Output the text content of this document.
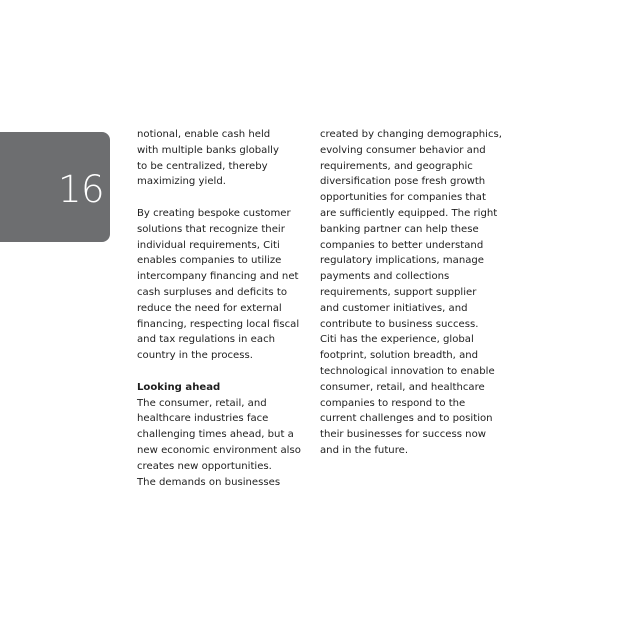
16

notional, enable cash held
with multiple banks globally
to be centralized, thereby
maximizing yield.

By creating bespoke customer
solutions that recognize their
individual requirements, Citi
enables companies to utilize
intercompany financing and net
cash surpluses and deficits to
reduce the need for external
financing, respecting local fiscal
and tax regulations in each
country in the process.

Looking ahead
The consumer, retail, and
healthcare industries face
challenging times ahead, but a
new economic environment also
creates new opportunities.
The demands on businesses

created by changing demographics,
evolving consumer behavior and
requirements, and geographic
diversification pose fresh growth
opportunities for companies that
are sufficiently equipped. The right
banking partner can help these
companies to better understand
regulatory implications, manage
payments and collections
requirements, support supplier
and customer initiatives, and
contribute to business success.
Citi has the experience, global
footprint, solution breadth, and
technological innovation to enable
consumer, retail, and healthcare
companies to respond to the
current challenges and to position
their businesses for success now
and in the future.
